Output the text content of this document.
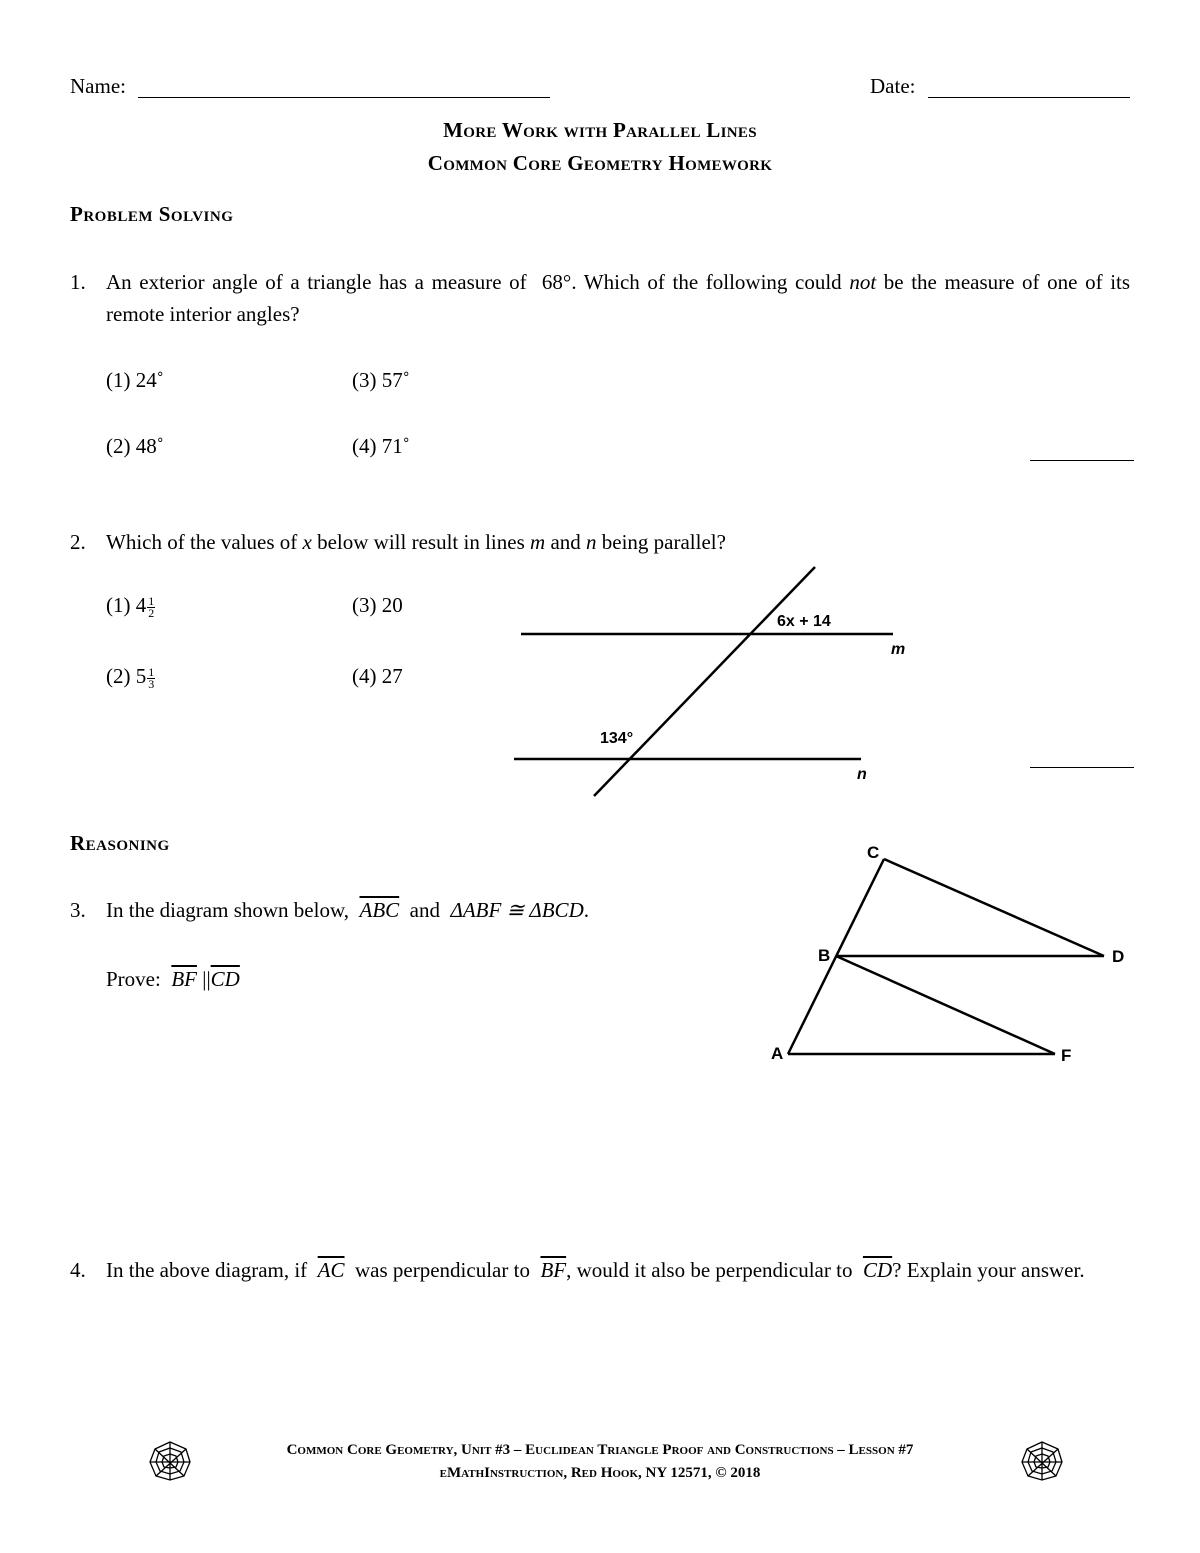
Name:	Date:
More Work with Parallel Lines
Common Core Geometry Homework
Problem Solving
1. An exterior angle of a triangle has a measure of 68°. Which of the following could not be the measure of one of its remote interior angles?
(1) 24˚	(3) 57˚
(2) 48˚	(4) 71˚
2. Which of the values of x below will result in lines m and n being parallel?
(1) $4 \frac{1}{2}$	(3) 20
(2) $5 \frac{1}{3}$	(4) 27
6x + 14
m
134°
n
Reasoning
3. In the diagram shown below, $\overline{ABC}$ and ΔABF ≅ ΔBCD.
Prove: $\overline{BF}$ $||\overline{CD}$
C
B	D
A	F
4. In the above diagram, if $\overline{AC}$ was perpendicular to $\overline{BF}$, would it also be perpendicular to $\overline{CD}$? Explain your answer.
Common Core Geometry, Unit #3 – Euclidean Triangle Proof and Constructions – Lesson #7
eMathInstruction, Red Hook, NY 12571, © 2018
